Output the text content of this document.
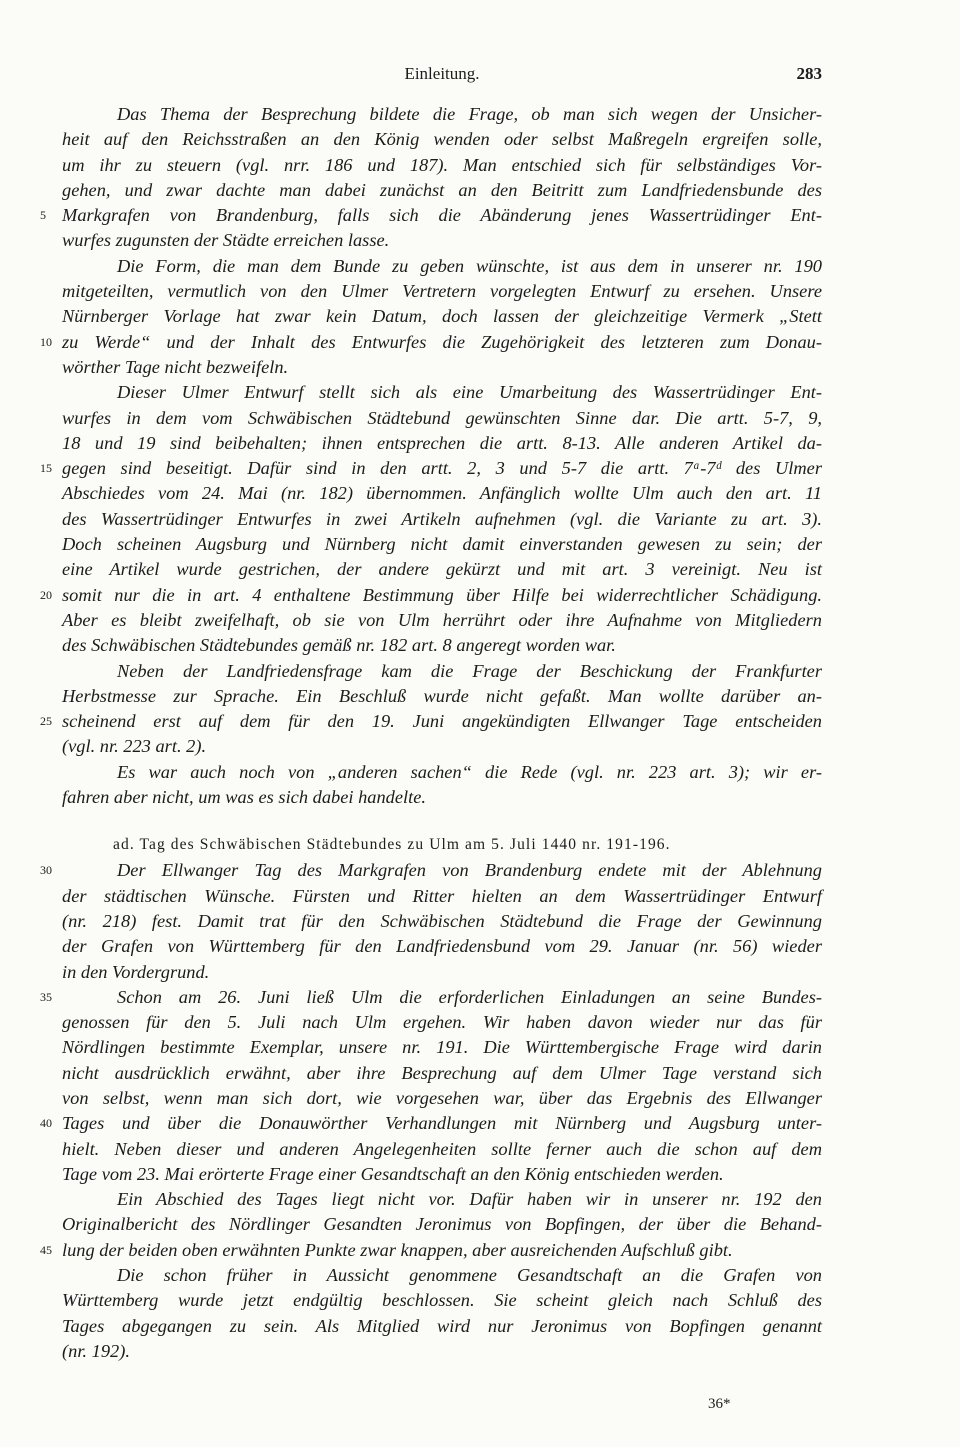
Einleitung.	283
Das Thema der Besprechung bildete die Frage, ob man sich wegen der Unsicher-
heit auf den Reichsstraßen an den König wenden oder selbst Maßregeln ergreifen solle,
um ihr zu steuern (vgl. nrr. 186 und 187). Man entschied sich für selbständiges Vor-
gehen, und zwar dachte man dabei zunächst an den Beitritt zum Landfriedensbunde des
5 Markgrafen von Brandenburg, falls sich die Abänderung jenes Wassertrüdinger Ent-
wurfes zugunsten der Städte erreichen lasse.
Die Form, die man dem Bunde zu geben wünschte, ist aus dem in unserer nr. 190
mitgeteilten, vermutlich von den Ulmer Vertretern vorgelegten Entwurf zu ersehen. Unsere
Nürnberger Vorlage hat zwar kein Datum, doch lassen der gleichzeitige Vermerk „Stett
10 zu Werde“ und der Inhalt des Entwurfes die Zugehörigkeit des letzteren zum Donau-
wörther Tage nicht bezweifeln.
Dieser Ulmer Entwurf stellt sich als eine Umarbeitung des Wassertrüdinger Ent-
wurfes in dem vom Schwäbischen Städtebund gewünschten Sinne dar. Die artt. 5-7, 9,
18 und 19 sind beibehalten; ihnen entsprechen die artt. 8-13. Alle anderen Artikel da-
15 gegen sind beseitigt. Dafür sind in den artt. 2, 3 und 5-7 die artt. 7ᵃ-7ᵈ des Ulmer
Abschiedes vom 24. Mai (nr. 182) übernommen. Anfänglich wollte Ulm auch den art. 11
des Wassertrüdinger Entwurfes in zwei Artikeln aufnehmen (vgl. die Variante zu art. 3).
Doch scheinen Augsburg und Nürnberg nicht damit einverstanden gewesen zu sein; der
eine Artikel wurde gestrichen, der andere gekürzt und mit art. 3 vereinigt. Neu ist
20 somit nur die in art. 4 enthaltene Bestimmung über Hilfe bei widerrechtlicher Schädigung.
Aber es bleibt zweifelhaft, ob sie von Ulm herrührt oder ihre Aufnahme von Mitgliedern
des Schwäbischen Städtebundes gemäß nr. 182 art. 8 angeregt worden war.
Neben der Landfriedensfrage kam die Frage der Beschickung der Frankfurter
Herbstmesse zur Sprache. Ein Beschluß wurde nicht gefaßt. Man wollte darüber an-
25 scheinend erst auf dem für den 19. Juni angekündigten Ellwanger Tage entscheiden
(vgl. nr. 223 art. 2).
Es war auch noch von „anderen sachen“ die Rede (vgl. nr. 223 art. 3); wir er-
fahren aber nicht, um was es sich dabei handelte.
ad. Tag des Schwäbischen Städtebundes zu Ulm am 5. Juli 1440 nr. 191-196.
30	Der Ellwanger Tag des Markgrafen von Brandenburg endete mit der Ablehnung
der städtischen Wünsche. Fürsten und Ritter hielten an dem Wassertrüdinger Entwurf
(nr. 218) fest. Damit trat für den Schwäbischen Städtebund die Frage der Gewinnung
der Grafen von Württemberg für den Landfriedensbund vom 29. Januar (nr. 56) wieder
in den Vordergrund.
35	Schon am 26. Juni ließ Ulm die erforderlichen Einladungen an seine Bundes-
genossen für den 5. Juli nach Ulm ergehen. Wir haben davon wieder nur das für
Nördlingen bestimmte Exemplar, unsere nr. 191. Die Württembergische Frage wird darin
nicht ausdrücklich erwähnt, aber ihre Besprechung auf dem Ulmer Tage verstand sich
von selbst, wenn man sich dort, wie vorgesehen war, über das Ergebnis des Ellwanger
40 Tages und über die Donauwörther Verhandlungen mit Nürnberg und Augsburg unter-
hielt. Neben dieser und anderen Angelegenheiten sollte ferner auch die schon auf dem
Tage vom 23. Mai erörterte Frage einer Gesandtschaft an den König entschieden werden.
Ein Abschied des Tages liegt nicht vor. Dafür haben wir in unserer nr. 192 den
Originalbericht des Nördlinger Gesandten Jeronimus von Bopfingen, der über die Behand-
45 lung der beiden oben erwähnten Punkte zwar knappen, aber ausreichenden Aufschluß gibt.
Die schon früher in Aussicht genommene Gesandtschaft an die Grafen von
Württemberg wurde jetzt endgültig beschlossen. Sie scheint gleich nach Schluß des
Tages abgegangen zu sein. Als Mitglied wird nur Jeronimus von Bopfingen genannt
(nr. 192).
36*
